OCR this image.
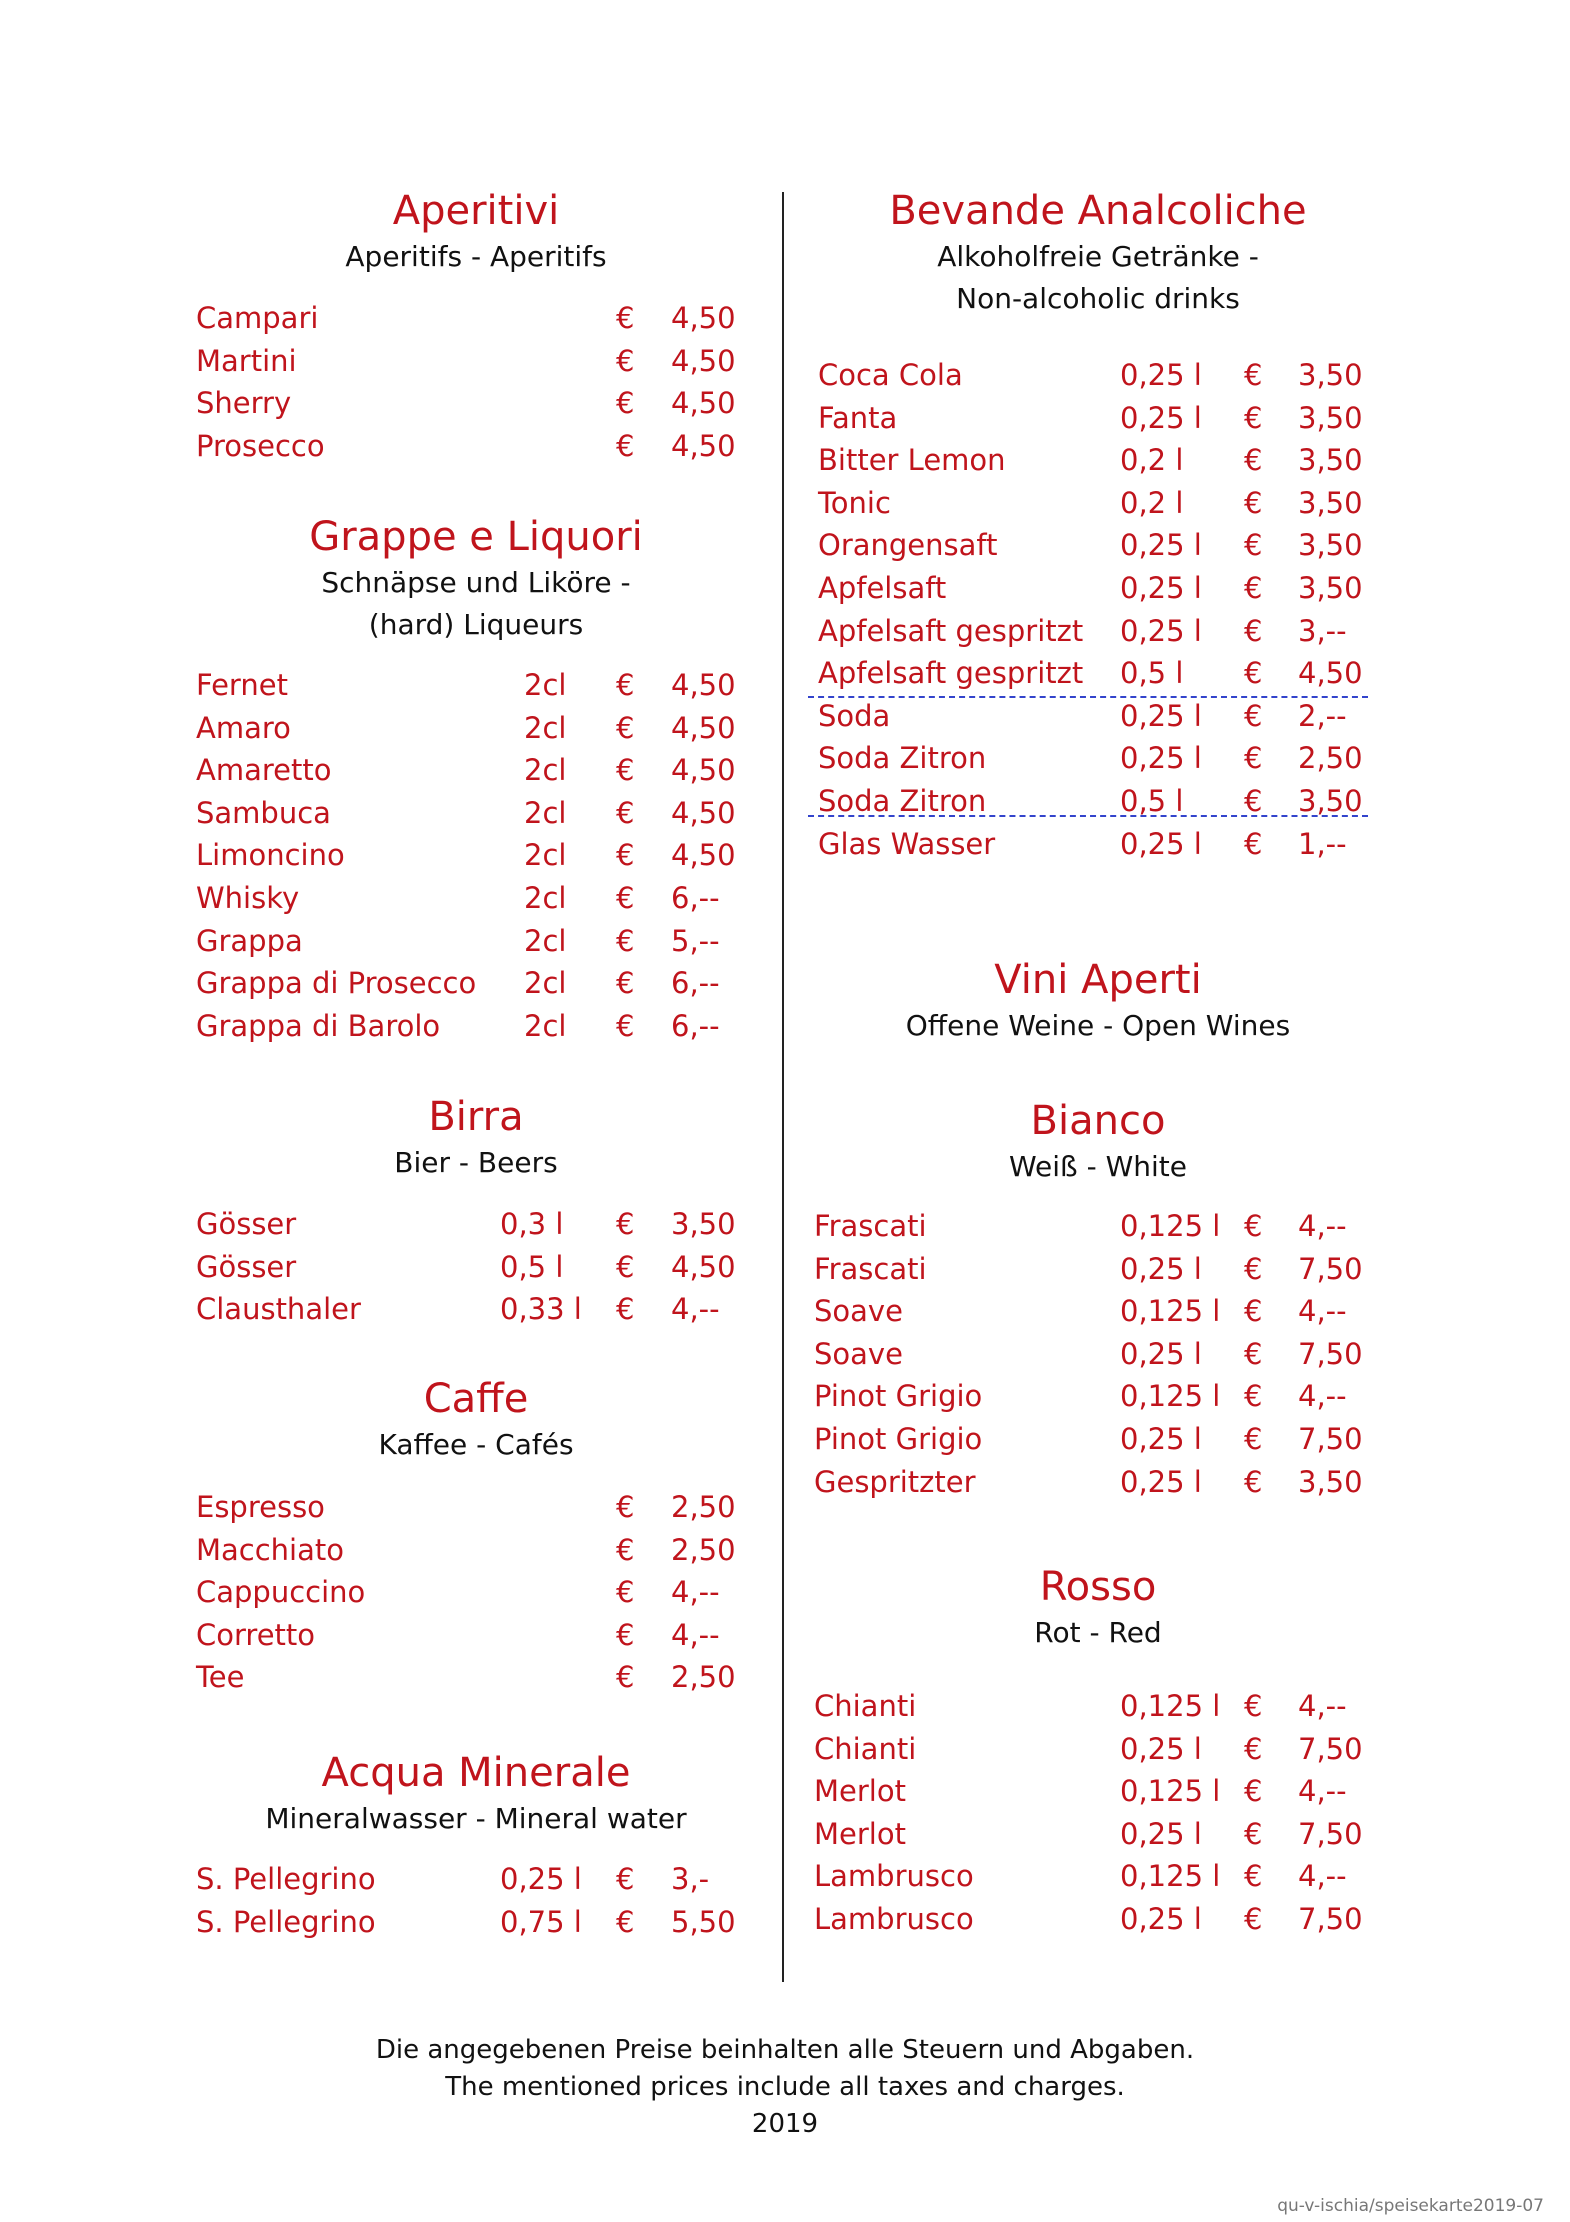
Aperitivi
Aperitifs - Aperitifs
Campari	€ 4,50
Martini	€ 4,50
Sherry	€ 4,50
Prosecco	€ 4,50
Grappe e Liquori
Schnäpse und Liköre -
(hard) Liqueurs
Fernet	2cl € 4,50
Amaro	2cl € 4,50
Amaretto	2cl € 4,50
Sambuca	2cl € 4,50
Limoncino	2cl € 4,50
Whisky	2cl € 6,--
Grappa	2cl € 5,--
Grappa di Prosecco 2cl € 6,--
Grappa di Barolo	2cl € 6,--
Birra
Bier - Beers
Gösser	0,3 l € 3,50
Gösser	0,5 l € 4,50
Clausthaler	0,33 l € 4,--
Caffe
Kaffee - Cafés
Espresso	€ 2,50
Macchiato	€ 2,50
Cappuccino	€ 4,--
Corretto	€ 4,--
Tee	€ 2,50
Acqua Minerale
Mineralwasser - Mineral water
S. Pellegrino	0,25 l € 3,-
S. Pellegrino	0,75 l € 5,50
Bevande Analcoliche
Alkoholfreie Getränke -
Non-alcoholic drinks
Coca Cola	0,25 l € 3,50
Fanta	0,25 l € 3,50
Bitter Lemon	0,2 l € 3,50
Tonic	0,2 l € 3,50
Orangensaft	0,25 l € 3,50
Apfelsaft	0,25 l € 3,50
Apfelsaft gespritzt 0,25 l € 3,--
Apfelsaft gespritzt 0,5 l € 4,50
Soda	0,25 l € 2,--
Soda Zitron	0,25 l € 2,50
Soda Zitron	0,5 l € 3,50
Glas Wasser	0,25 l € 1,--
Vini Aperti
Offene Weine - Open Wines
Bianco
Weiß - White
Frascati	0,125 l € 4,--
Frascati	0,25 l € 7,50
Soave	0,125 l € 4,--
Soave	0,25 l € 7,50
Pinot Grigio	0,125 l € 4,--
Pinot Grigio	0,25 l € 7,50
Gespritzter	0,25 l € 3,50
Rosso
Rot - Red
Chianti	0,125 l € 4,--
Chianti	0,25 l € 7,50
Merlot	0,125 l € 4,--
Merlot	0,25 l € 7,50
Lambrusco	0,125 l € 4,--
Lambrusco	0,25 l € 7,50
Die angegebenen Preise beinhalten alle Steuern und Abgaben.
The mentioned prices include all taxes and charges.
2019
qu-v-ischia/speisekarte2019-07
